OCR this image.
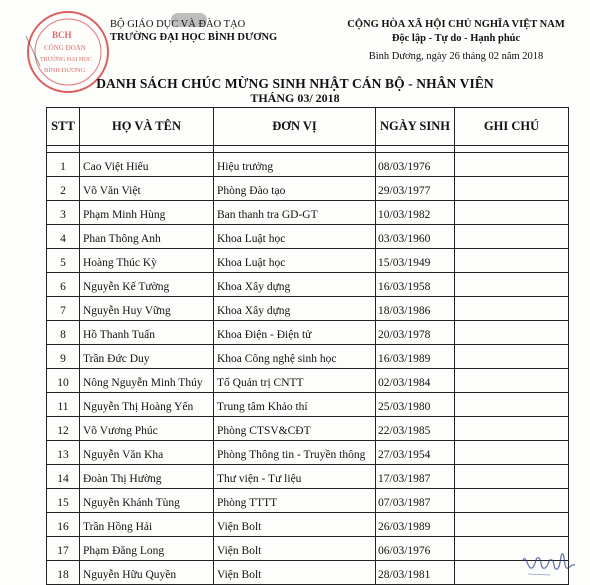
BCH
CÔNG ĐOÀN
TRƯỜNG ĐẠI HỌC
BÌNH DƯƠNG
BỘ GIÁO DỤC VÀ ĐÀO TẠO
TRƯỜNG ĐẠI HỌC BÌNH DƯƠNG
CỘNG HÒA XÃ HỘI CHỦ NGHĨA VIỆT NAM
Độc lập - Tự do - Hạnh phúc
Bình Dương, ngày 26 tháng 02 năm 2018
DANH SÁCH CHÚC MỪNG SINH NHẬT CÁN BỘ - NHÂN VIÊN
THÁNG 03/ 2018
STT	HỌ VÀ TÊN	ĐƠN VỊ	NGÀY SINH	GHI CHÚ

1	Cao Việt Hiếu	Hiệu trưởng	08/03/1976	
2	Võ Văn Việt	Phòng Đào tạo	29/03/1977	
3	Phạm Minh Hùng	Ban thanh tra GD-GT	10/03/1982	
4	Phan Thông Anh	Khoa Luật học	03/03/1960	
5	Hoàng Thúc Kỳ	Khoa Luật học	15/03/1949	
6	Nguyễn Kế Tường	Khoa Xây dựng	16/03/1958	
7	Nguyễn Huy Vững	Khoa Xây dựng	18/03/1986	
8	Hồ Thanh Tuấn	Khoa Điện - Điện tử	20/03/1978	
9	Trần Đức Duy	Khoa Công nghệ sinh học	16/03/1989	
10	Nông Nguyễn Minh Thúy	Tổ Quản trị CNTT	02/03/1984	
11	Nguyễn Thị Hoàng Yến	Trung tâm Khảo thí	25/03/1980	
12	Võ Vương Phúc	Phòng CTSV&CĐT	22/03/1985	
13	Nguyễn Văn Kha	Phòng Thông tin - Truyền thông	27/03/1954	
14	Đoàn Thị Hường	Thư viện - Tư liệu	17/03/1987	
15	Nguyễn Khánh Tùng	Phòng TTTT	07/03/1987	
16	Trần Hồng Hải	Viện Bolt	26/03/1989	
17	Phạm Đăng Long	Viện Bolt	06/03/1976	
18	Nguyễn Hữu Quyền	Viện Bolt	28/03/1981	
